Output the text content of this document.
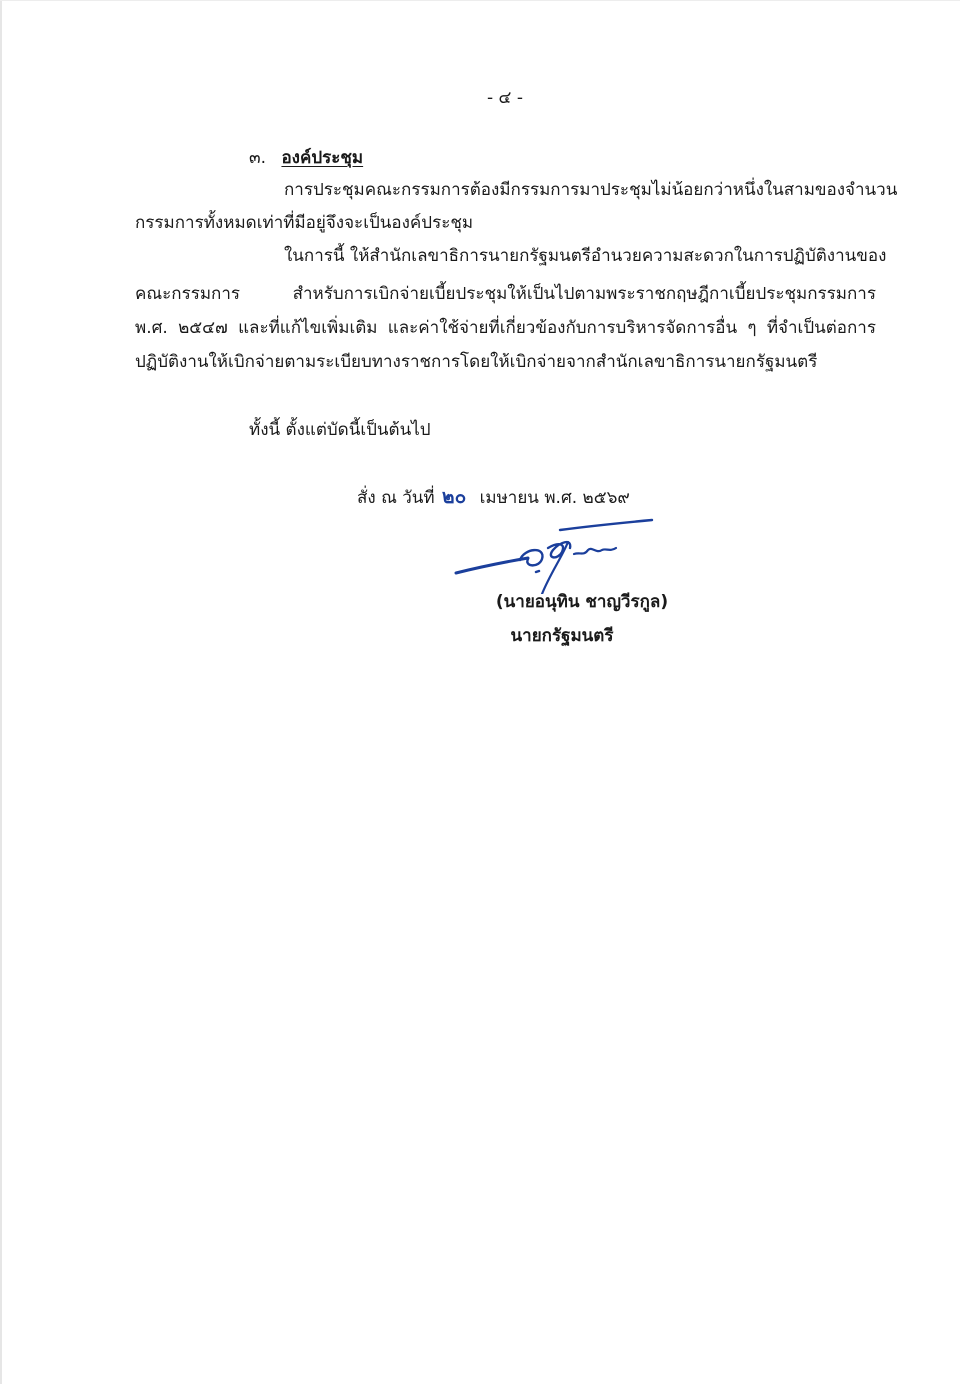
- ๔ -
๓. องค์ประชุม
การประชุมคณะกรรมการต้องมีกรรมการมาประชุมไม่น้อยกว่าหนึ่งในสามของจำนวน
กรรมการทั้งหมดเท่าที่มีอยู่จึงจะเป็นองค์ประชุม
ในการนี้ ให้สำนักเลขาธิการนายกรัฐมนตรีอำนวยความสะดวกในการปฏิบัติงานของ
คณะกรรมการ สำหรับการเบิกจ่ายเบี้ยประชุมให้เป็นไปตามพระราชกฤษฎีกาเบี้ยประชุมกรรมการ
พ.ศ. ๒๕๔๗ และที่แก้ไขเพิ่มเติม และค่าใช้จ่ายที่เกี่ยวข้องกับการบริหารจัดการอื่น ๆ ที่จำเป็นต่อการ
ปฏิบัติงานให้เบิกจ่ายตามระเบียบทางราชการโดยให้เบิกจ่ายจากสำนักเลขาธิการนายกรัฐมนตรี
ทั้งนี้ ตั้งแต่บัดนี้เป็นต้นไป
สั่ง ณ วันที่ ๒๐ เมษายน พ.ศ. ๒๕๖๙
(นายอนุทิน ชาญวีรกูล)
นายกรัฐมนตรี
